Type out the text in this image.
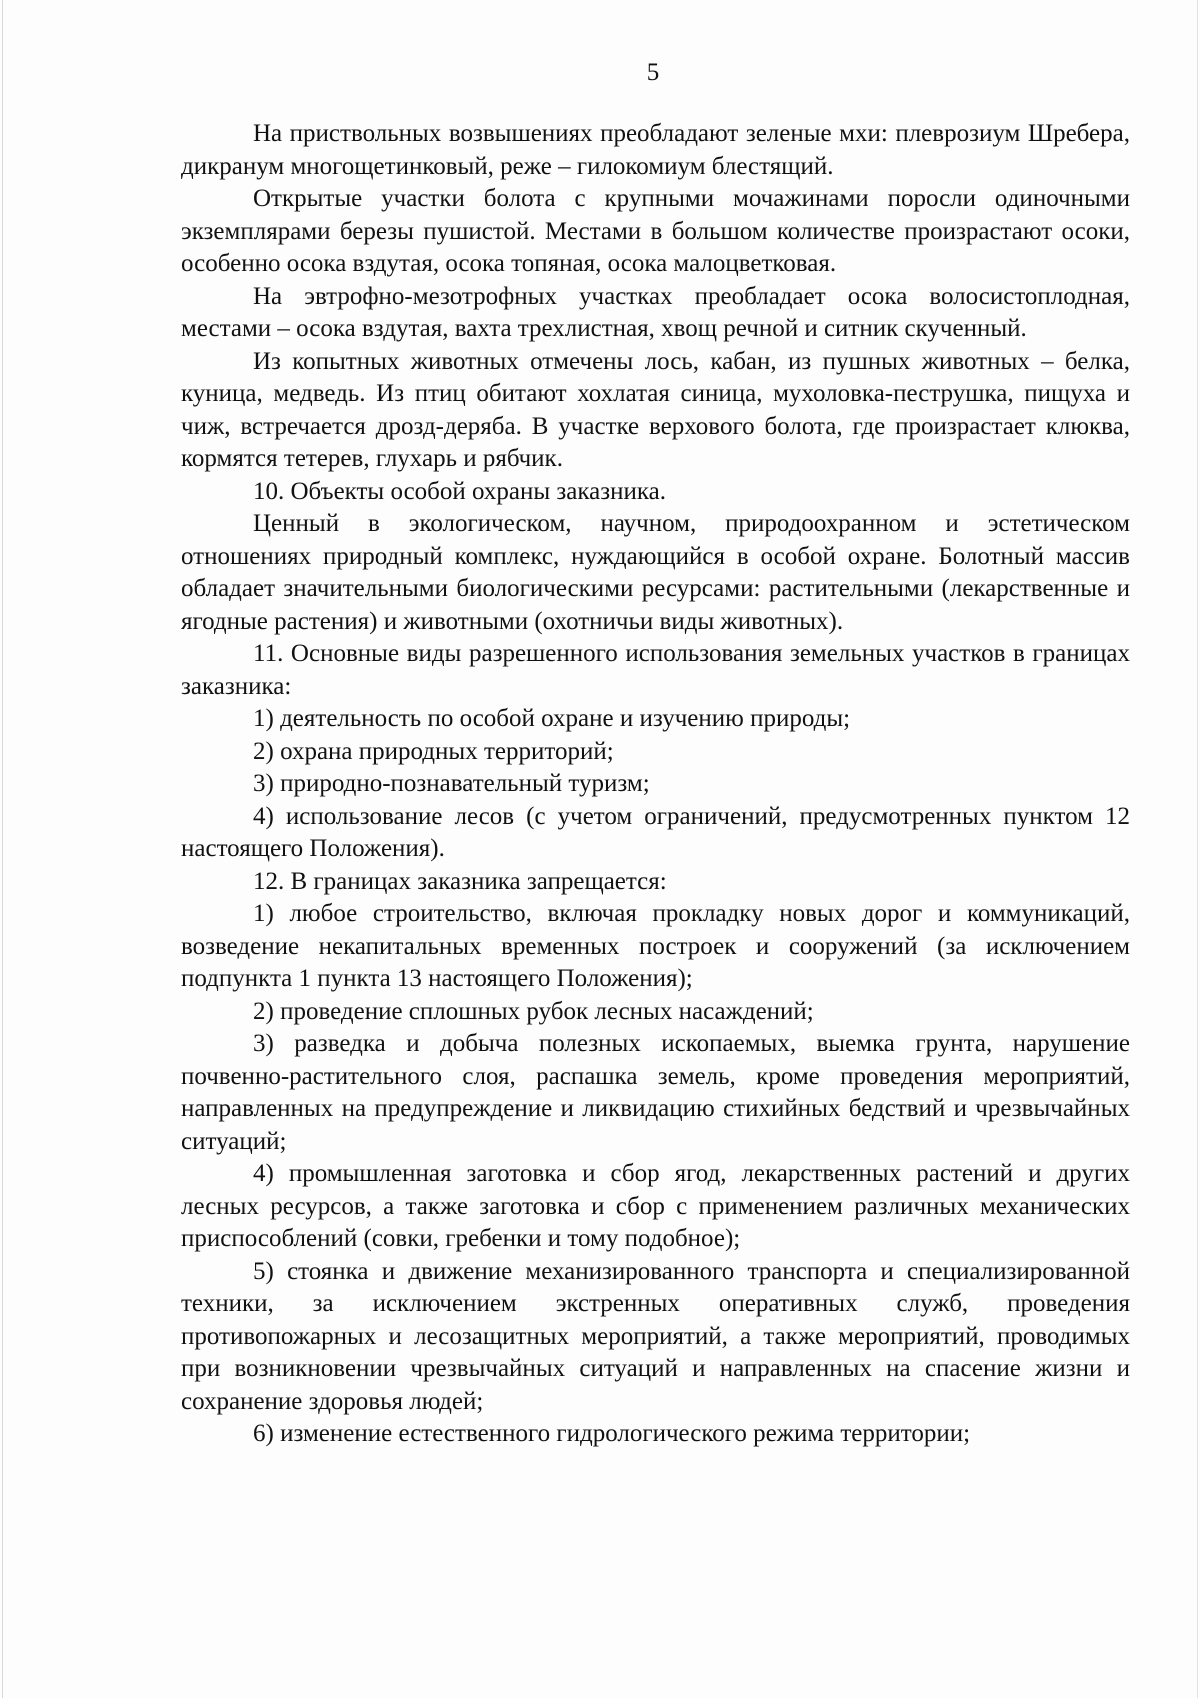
5

На приствольных возвышениях преобладают зеленые мхи: плеврозиум Шребера, дикранум многощетинковый, реже – гилокомиум блестящий.

Открытые участки болота с крупными мочажинами поросли одиночными экземплярами березы пушистой. Местами в большом количестве произрастают осоки, особенно осока вздутая, осока топяная, осока малоцветковая.

На эвтрофно-мезотрофных участках преобладает осока волосистоплодная, местами – осока вздутая, вахта трехлистная, хвощ речной и ситник скученный.

Из копытных животных отмечены лось, кабан, из пушных животных – белка, куница, медведь. Из птиц обитают хохлатая синица, мухоловка-пеструшка, пищуха и чиж, встречается дрозд-деряба. В участке верхового болота, где произрастает клюква, кормятся тетерев, глухарь и рябчик.

10. Объекты особой охраны заказника.

Ценный в экологическом, научном, природоохранном и эстетическом отношениях природный комплекс, нуждающийся в особой охране. Болотный массив обладает значительными биологическими ресурсами: растительными (лекарственные и ягодные растения) и животными (охотничьи виды животных).

11. Основные виды разрешенного использования земельных участков в границах заказника:

1) деятельность по особой охране и изучению природы;

2) охрана природных территорий;

3) природно-познавательный туризм;

4) использование лесов (с учетом ограничений, предусмотренных пунктом 12 настоящего Положения).

12. В границах заказника запрещается:

1) любое строительство, включая прокладку новых дорог и коммуникаций, возведение некапитальных временных построек и сооружений (за исключением подпункта 1 пункта 13 настоящего Положения);

2) проведение сплошных рубок лесных насаждений;

3) разведка и добыча полезных ископаемых, выемка грунта, нарушение почвенно-растительного слоя, распашка земель, кроме проведения мероприятий, направленных на предупреждение и ликвидацию стихийных бедствий и чрезвычайных ситуаций;

4) промышленная заготовка и сбор ягод, лекарственных растений и других лесных ресурсов, а также заготовка и сбор с применением различных механических приспособлений (совки, гребенки и тому подобное);

5) стоянка и движение механизированного транспорта и специализированной техники, за исключением экстренных оперативных служб, проведения противопожарных и лесозащитных мероприятий, а также мероприятий, проводимых при возникновении чрезвычайных ситуаций и направленных на спасение жизни и сохранение здоровья людей;

6) изменение естественного гидрологического режима территории;
